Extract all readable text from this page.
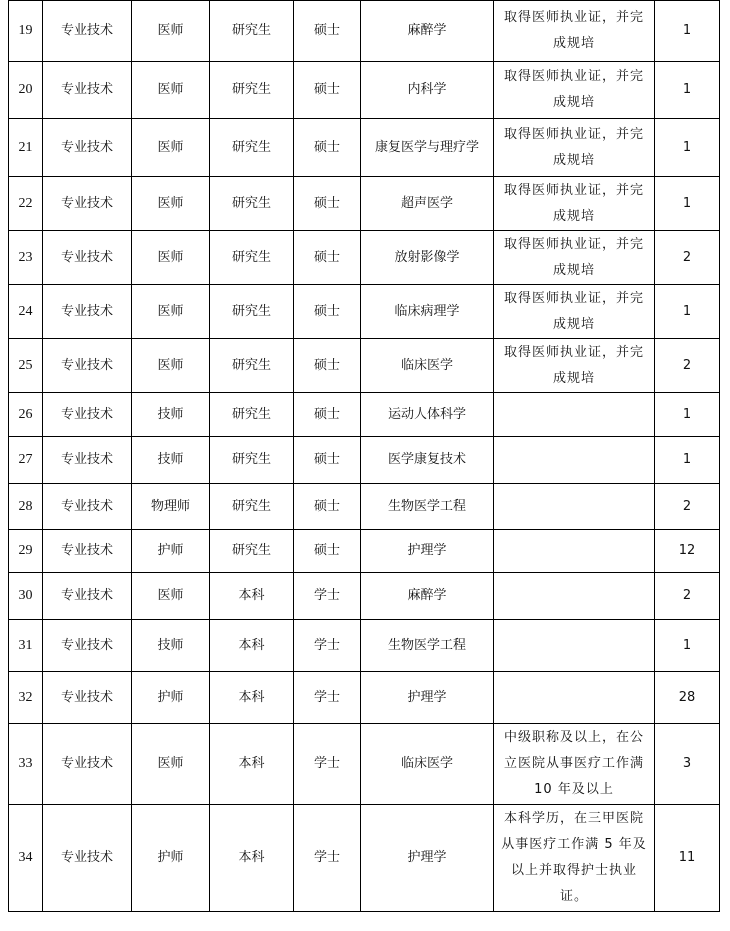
19	专业技术	医师	研究生	硕士	麻醉学	取得医师执业证，并完成规培	1
20	专业技术	医师	研究生	硕士	内科学	取得医师执业证，并完成规培	1
21	专业技术	医师	研究生	硕士	康复医学与理疗学	取得医师执业证，并完成规培	1
22	专业技术	医师	研究生	硕士	超声医学	取得医师执业证，并完成规培	1
23	专业技术	医师	研究生	硕士	放射影像学	取得医师执业证，并完成规培	2
24	专业技术	医师	研究生	硕士	临床病理学	取得医师执业证，并完成规培	1
25	专业技术	医师	研究生	硕士	临床医学	取得医师执业证，并完成规培	2
26	专业技术	技师	研究生	硕士	运动人体科学		1
27	专业技术	技师	研究生	硕士	医学康复技术		1
28	专业技术	物理师	研究生	硕士	生物医学工程		2
29	专业技术	护师	研究生	硕士	护理学		12
30	专业技术	医师	本科	学士	麻醉学		2
31	专业技术	技师	本科	学士	生物医学工程		1
32	专业技术	护师	本科	学士	护理学		28
33	专业技术	医师	本科	学士	临床医学	中级职称及以上，在公立医院从事医疗工作满 10 年及以上	3
34	专业技术	护师	本科	学士	护理学	本科学历，在三甲医院从事医疗工作满 5 年及以上并取得护士执业证。	11
